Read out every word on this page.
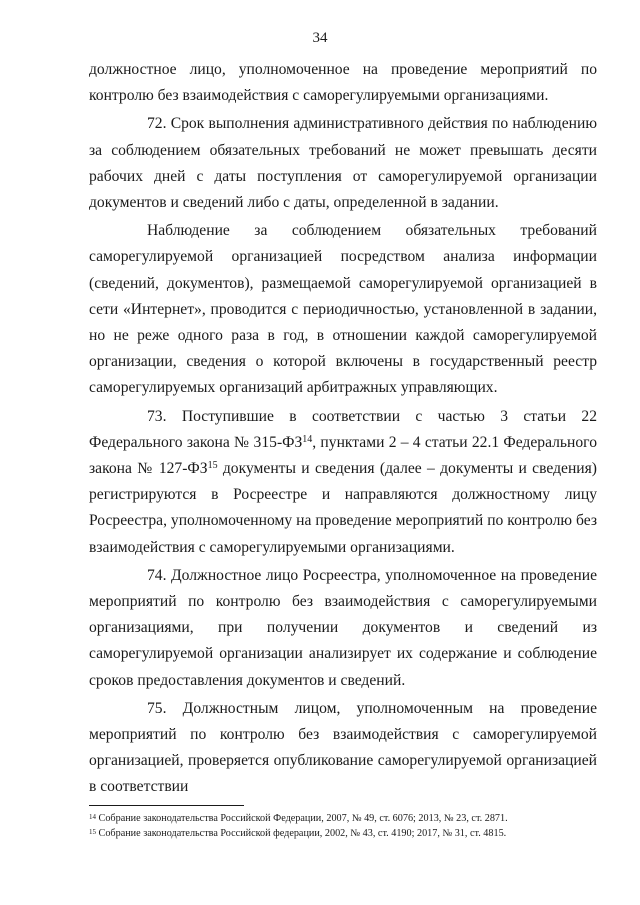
34

должностное лицо, уполномоченное на проведение мероприятий по контролю без взаимодействия с саморегулируемыми организациями.

72. Срок выполнения административного действия по наблюдению за соблюдением обязательных требований не может превышать десяти рабочих дней с даты поступления от саморегулируемой организации документов и сведений либо с даты, определенной в задании.

Наблюдение за соблюдением обязательных требований саморегулируемой организацией посредством анализа информации (сведений, документов), размещаемой саморегулируемой организацией в сети «Интернет», проводится с периодичностью, установленной в задании, но не реже одного раза в год, в отношении каждой саморегулируемой организации, сведения о которой включены в государственный реестр саморегулируемых организаций арбитражных управляющих.

73. Поступившие в соответствии с частью 3 статьи 22 Федерального закона № 315-ФЗ$^{14}$, пунктами 2 – 4 статьи 22.1 Федерального закона № 127-ФЗ$^{15}$ документы и сведения (далее – документы и сведения) регистрируются в Росреестре и направляются должностному лицу Росреестра, уполномоченному на проведение мероприятий по контролю без взаимодействия с саморегулируемыми организациями.

74. Должностное лицо Росреестра, уполномоченное на проведение мероприятий по контролю без взаимодействия с саморегулируемыми организациями, при получении документов и сведений из саморегулируемой организации анализирует их содержание и соблюдение сроков предоставления документов и сведений.

75. Должностным лицом, уполномоченным на проведение мероприятий по контролю без взаимодействия с саморегулируемой организацией, проверяется опубликование саморегулируемой организацией в соответствии

$^{14}$ Собрание законодательства Российской Федерации, 2007, № 49, ст. 6076; 2013, № 23, ст. 2871.
$^{15}$ Собрание законодательства Российской федерации, 2002, № 43, ст. 4190; 2017, № 31, ст. 4815.
